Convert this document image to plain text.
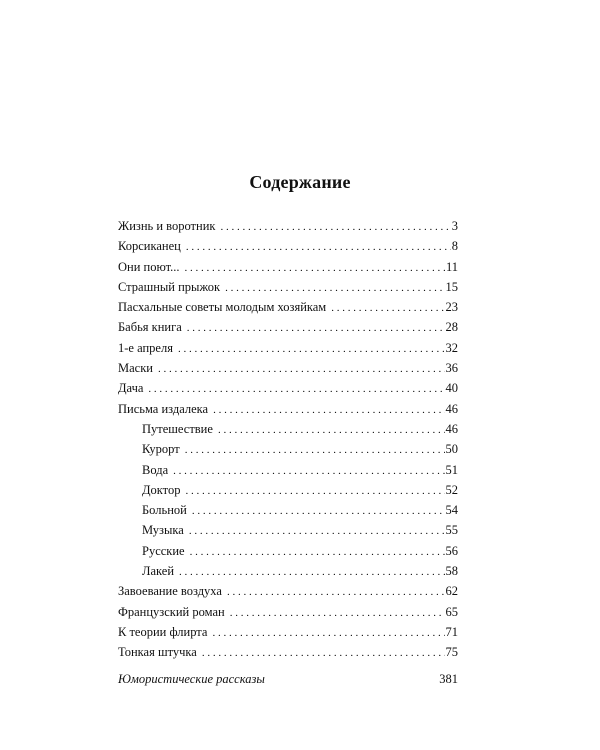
Содержание
Жизнь и воротник . . .	3
Корсиканец . . .	8
Они поют... . . .	11
Страшный прыжок . . .	15
Пасхальные советы молодым хозяйкам . . .	23
Бабья книга . . .	28
1-е апреля . . .	32
Маски . . .	36
Дача . . .	40
Письма издалека . . .	46
Путешествие . . .	46
Курорт . . .	50
Вода . . .	51
Доктор . . .	52
Больной . . .	54
Музыка . . .	55
Русские . . .	56
Лакей . . .	58
Завоевание воздуха . . .	62
Французский роман . . .	65
К теории флирта . . .	71
Тонкая штучка . . .	75
Юмористические рассказы	381
